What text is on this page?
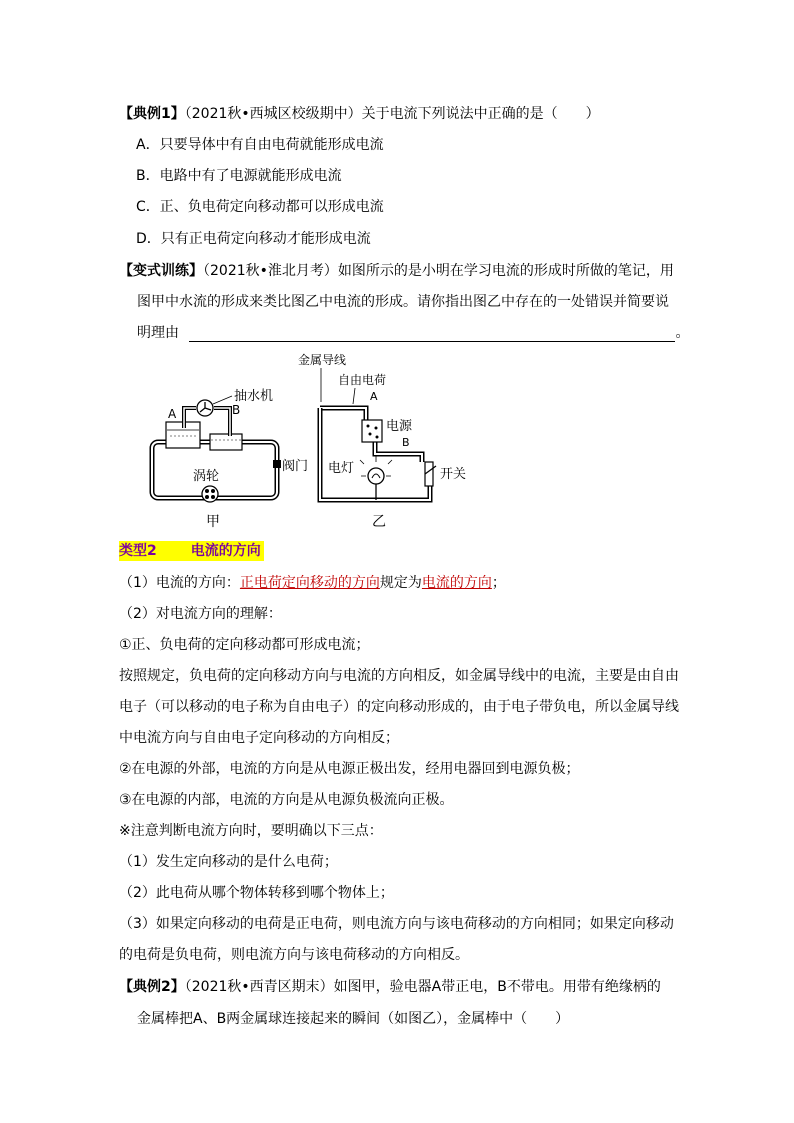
【典例1】（2021秋•西城区校级期中）关于电流下列说法中正确的是（　　）
A．只要导体中有自由电荷就能形成电流
B．电路中有了电源就能形成电流
C．正、负电荷定向移动都可以形成电流
D．只有正电荷定向移动才能形成电流
【变式训练】（2021秋•淮北月考）如图所示的是小明在学习电流的形成时所做的笔记，用
图甲中水流的形成来类比图乙中电流的形成。请你指出图乙中存在的一处错误并简要说
明理由	。
抽水机
A	B
阀门
涡轮
甲
金属导线
自由电荷
A
电源
B
开关
电灯
乙
类型2 电流的方向
（1）电流的方向：正电荷定向移动的方向规定为电流的方向；
（2）对电流方向的理解：
①正、负电荷的定向移动都可形成电流；
按照规定，负电荷的定向移动方向与电流的方向相反，如金属导线中的电流，主要是由自由
电子（可以移动的电子称为自由电子）的定向移动形成的，由于电子带负电，所以金属导线
中电流方向与自由电子定向移动的方向相反；
②在电源的外部，电流的方向是从电源正极出发，经用电器回到电源负极；
③在电源的内部，电流的方向是从电源负极流向正极。
※注意判断电流方向时，要明确以下三点：
（1）发生定向移动的是什么电荷；
（2）此电荷从哪个物体转移到哪个物体上；
（3）如果定向移动的电荷是正电荷，则电流方向与该电荷移动的方向相同；如果定向移动
的电荷是负电荷，则电流方向与该电荷移动的方向相反。
【典例2】（2021秋•西青区期末）如图甲，验电器A带正电，B不带电。用带有绝缘柄的
金属棒把A、B两金属球连接起来的瞬间（如图乙），金属棒中（　　）
